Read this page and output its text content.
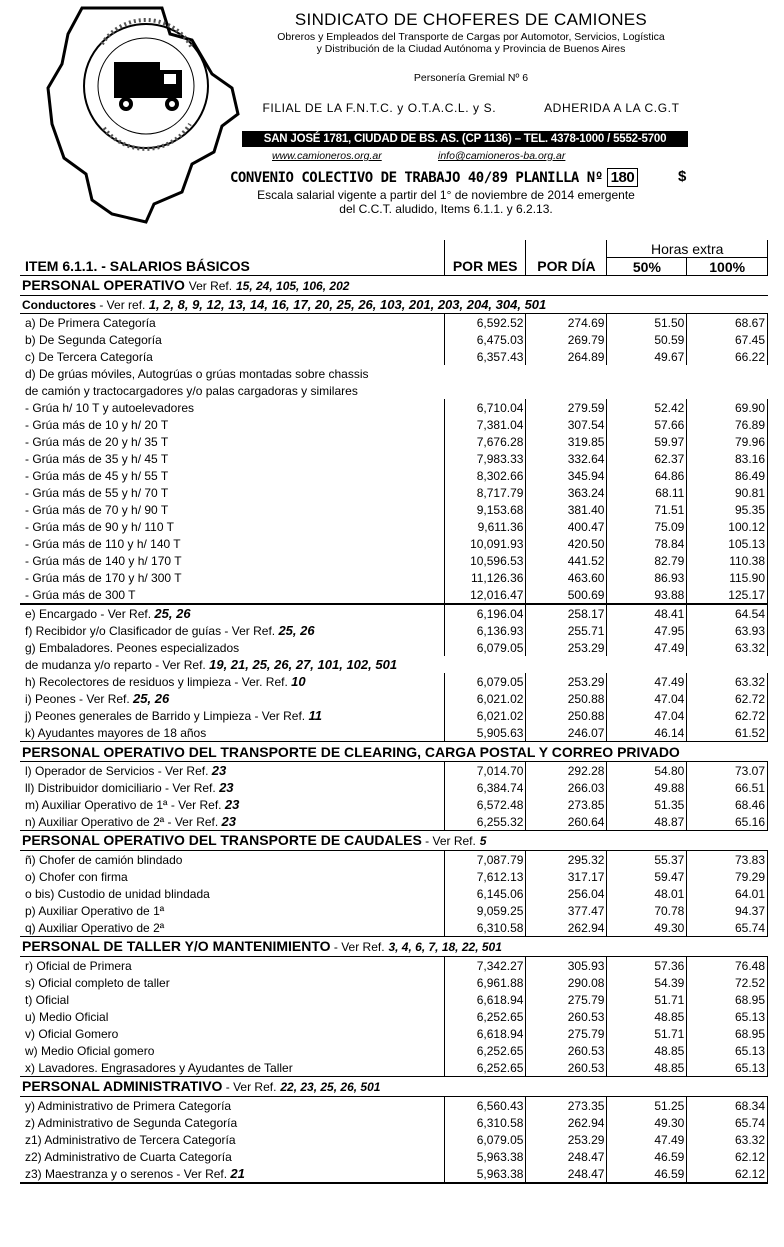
SINDICATO DE CHOFERES DE CAMIONES
Obreros y Empleados del Transporte de Cargas por Automotor, Servicios, Logística
y Distribución de la Ciudad Autónoma y Provincia de Buenos Aires
Personería Gremial Nº 6
FILIAL DE LA F.N.T.C. y O.T.A.C.L. y S.	ADHERIDA A LA C.G.T
SAN JOSÉ 1781, CIUDAD DE BS. AS. (CP 1136) – TEL. 4378-1000 / 5552-5700
www.camioneros.org.ar	info@camioneros-ba.org.ar
CONVENIO COLECTIVO DE TRABAJO 40/89 PLANILLA Nº 180	$
Escala salarial vigente a partir del 1° de noviembre de 2014 emergente
del C.C.T. aludido, Items 6.1.1. y 6.2.13.
			Horas extra	
ITEM 6.1.1. - SALARIOS BÁSICOS	POR MES	POR DÍA	50%	100%
PERSONAL OPERATIVO Ver Ref. 15, 24, 105, 106, 202				
Conductores - Ver ref. 1, 2, 8, 9, 12, 13, 14, 16, 17, 20, 25, 26, 103, 201, 203, 204, 304, 501				
a) De Primera Categoría	6,592.52	274.69	51.50	68.67
b) De Segunda Categoría	6,475.03	269.79	50.59	67.45
c) De Tercera Categoría	6,357.43	264.89	49.67	66.22
d) De grúas móviles, Autogrúas o grúas montadas sobre chassis				
de camión y tractocargadores y/o palas cargadoras y similares				
- Grúa h/ 10 T y autoelevadores	6,710.04	279.59	52.42	69.90
- Grúa más de 10 y h/ 20 T	7,381.04	307.54	57.66	76.89
- Grúa más de 20 y h/ 35 T	7,676.28	319.85	59.97	79.96
- Grúa más de 35 y h/ 45 T	7,983.33	332.64	62.37	83.16
- Grúa más de 45 y h/ 55 T	8,302.66	345.94	64.86	86.49
- Grúa más de 55 y h/ 70 T	8,717.79	363.24	68.11	90.81
- Grúa más de 70 y h/ 90 T	9,153.68	381.40	71.51	95.35
- Grúa más de 90 y h/ 110 T	9,611.36	400.47	75.09	100.12
- Grúa más de 110 y h/ 140 T	10,091.93	420.50	78.84	105.13
- Grúa más de 140 y h/ 170 T	10,596.53	441.52	82.79	110.38
- Grúa más de 170 y h/ 300 T	11,126.36	463.60	86.93	115.90
- Grúa más de 300 T	12,016.47	500.69	93.88	125.17
e) Encargado - Ver Ref. 25, 26	6,196.04	258.17	48.41	64.54
f) Recibidor y/o Clasificador de guías - Ver Ref. 25, 26	6,136.93	255.71	47.95	63.93
g) Embaladores. Peones especializados	6,079.05	253.29	47.49	63.32
de mudanza y/o reparto - Ver Ref. 19, 21, 25, 26, 27, 101, 102, 501				
h) Recolectores de residuos y limpieza - Ver. Ref. 10	6,079.05	253.29	47.49	63.32
i) Peones - Ver Ref. 25, 26	6,021.02	250.88	47.04	62.72
j) Peones generales de Barrido y Limpieza - Ver Ref. 11	6,021.02	250.88	47.04	62.72
k) Ayudantes mayores de 18 años	5,905.63	246.07	46.14	61.52
PERSONAL OPERATIVO DEL TRANSPORTE DE CLEARING, CARGA POSTAL Y CORREO PRIVADO				
l) Operador de Servicios - Ver Ref. 23	7,014.70	292.28	54.80	73.07
ll) Distribuidor domiciliario - Ver Ref. 23	6,384.74	266.03	49.88	66.51
m) Auxiliar Operativo de 1ª - Ver Ref. 23	6,572.48	273.85	51.35	68.46
n) Auxiliar Operativo de 2ª - Ver Ref. 23	6,255.32	260.64	48.87	65.16
PERSONAL OPERATIVO DEL TRANSPORTE DE CAUDALES - Ver Ref. 5				
ñ) Chofer de camión blindado	7,087.79	295.32	55.37	73.83
o) Chofer con firma	7,612.13	317.17	59.47	79.29
o bis) Custodio de unidad blindada	6,145.06	256.04	48.01	64.01
p) Auxiliar Operativo de 1ª	9,059.25	377.47	70.78	94.37
q) Auxiliar Operativo de 2ª	6,310.58	262.94	49.30	65.74
PERSONAL DE TALLER Y/O MANTENIMIENTO - Ver Ref. 3, 4, 6, 7, 18, 22, 501				
r) Oficial de Primera	7,342.27	305.93	57.36	76.48
s) Oficial completo de taller	6,961.88	290.08	54.39	72.52
t) Oficial	6,618.94	275.79	51.71	68.95
u) Medio Oficial	6,252.65	260.53	48.85	65.13
v) Oficial Gomero	6,618.94	275.79	51.71	68.95
w) Medio Oficial gomero	6,252.65	260.53	48.85	65.13
x) Lavadores. Engrasadores y Ayudantes de Taller	6,252.65	260.53	48.85	65.13
PERSONAL ADMINISTRATIVO - Ver Ref. 22, 23, 25, 26, 501				
y) Administrativo de Primera Categoría	6,560.43	273.35	51.25	68.34
z) Administrativo de Segunda Categoría	6,310.58	262.94	49.30	65.74
z1) Administrativo de Tercera Categoría	6,079.05	253.29	47.49	63.32
z2) Administrativo de Cuarta Categoría	5,963.38	248.47	46.59	62.12
z3) Maestranza y o serenos - Ver Ref. 21	5,963.38	248.47	46.59	62.12
